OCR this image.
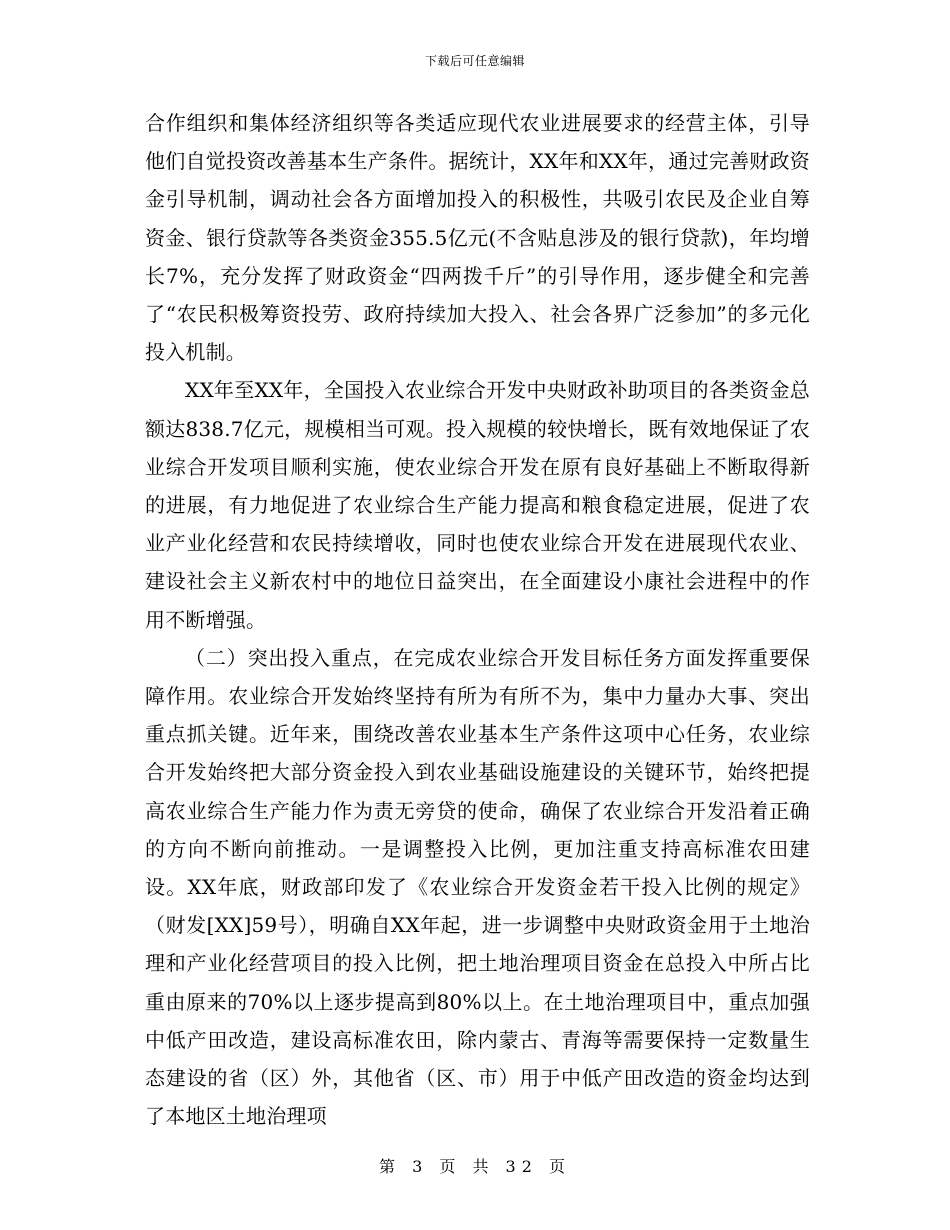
下载后可任意编辑

合作组织和集体经济组织等各类适应现代农业进展要求的经营主体，引导他们自觉投资改善基本生产条件。据统计，XX年和XX年，通过完善财政资金引导机制，调动社会各方面增加投入的积极性，共吸引农民及企业自筹资金、银行贷款等各类资金355.5亿元(不含贴息涉及的银行贷款)，年均增长7%，充分发挥了财政资金“四两拨千斤”的引导作用，逐步健全和完善了“农民积极筹资投劳、政府持续加大投入、社会各界广泛参加”的多元化投入机制。

XX年至XX年，全国投入农业综合开发中央财政补助项目的各类资金总额达838.7亿元，规模相当可观。投入规模的较快增长，既有效地保证了农业综合开发项目顺利实施，使农业综合开发在原有良好基础上不断取得新的进展，有力地促进了农业综合生产能力提高和粮食稳定进展，促进了农业产业化经营和农民持续增收，同时也使农业综合开发在进展现代农业、建设社会主义新农村中的地位日益突出，在全面建设小康社会进程中的作用不断增强。

（二）突出投入重点，在完成农业综合开发目标任务方面发挥重要保障作用。农业综合开发始终坚持有所为有所不为，集中力量办大事、突出重点抓关键。近年来，围绕改善农业基本生产条件这项中心任务，农业综合开发始终把大部分资金投入到农业基础设施建设的关键环节，始终把提高农业综合生产能力作为责无旁贷的使命，确保了农业综合开发沿着正确的方向不断向前推动。一是调整投入比例，更加注重支持高标准农田建设。XX年底，财政部印发了《农业综合开发资金若干投入比例的规定》（财发[XX]59号），明确自XX年起，进一步调整中央财政资金用于土地治理和产业化经营项目的投入比例，把土地治理项目资金在总投入中所占比重由原来的70%以上逐步提高到80%以上。在土地治理项目中，重点加强中低产田改造，建设高标准农田，除内蒙古、青海等需要保持一定数量生态建设的省（区）外，其他省（区、市）用于中低产田改造的资金均达到了本地区土地治理项

第 3 页 共 32 页
